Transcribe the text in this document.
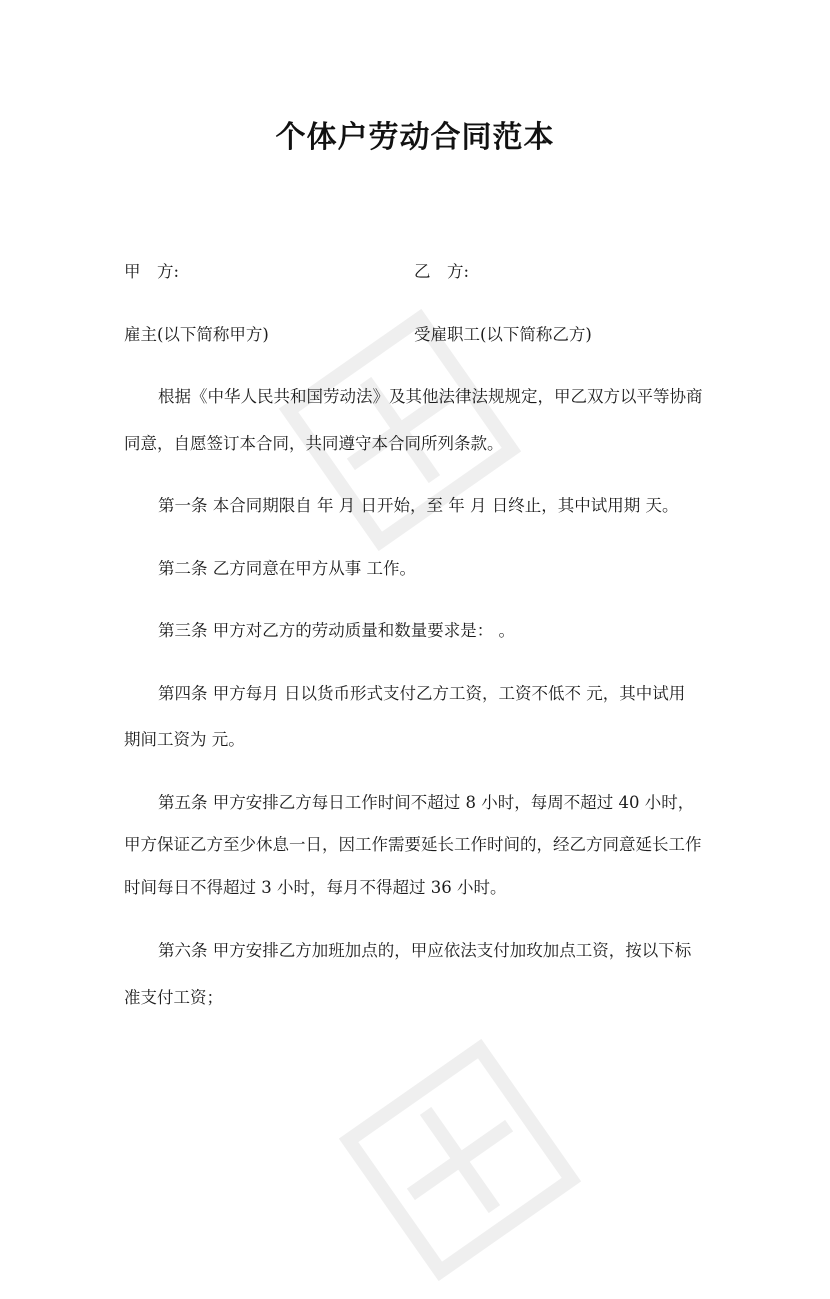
个体户劳动合同范本
甲　方:	乙　方:
雇主(以下简称甲方)	受雇职工(以下简称乙方)
根据《中华人民共和国劳动法》及其他法律法规规定，甲乙双方以平等协商
同意，自愿签订本合同，共同遵守本合同所列条款。
第一条 本合同期限自 年 月 日开始，至 年 月 日终止，其中试用期 天。
第二条 乙方同意在甲方从事 工作。
第三条 甲方对乙方的劳动质量和数量要求是： 。
第四条 甲方每月 日以货币形式支付乙方工资，工资不低不 元，其中试用
期间工资为 元。
第五条 甲方安排乙方每日工作时间不超过 8 小时，每周不超过 40 小时，
甲方保证乙方至少休息一日，因工作需要延长工作时间的，经乙方同意延长工作
时间每日不得超过 3 小时，每月不得超过 36 小时。
第六条 甲方安排乙方加班加点的，甲应依法支付加玫加点工资，按以下标
准支付工资；
